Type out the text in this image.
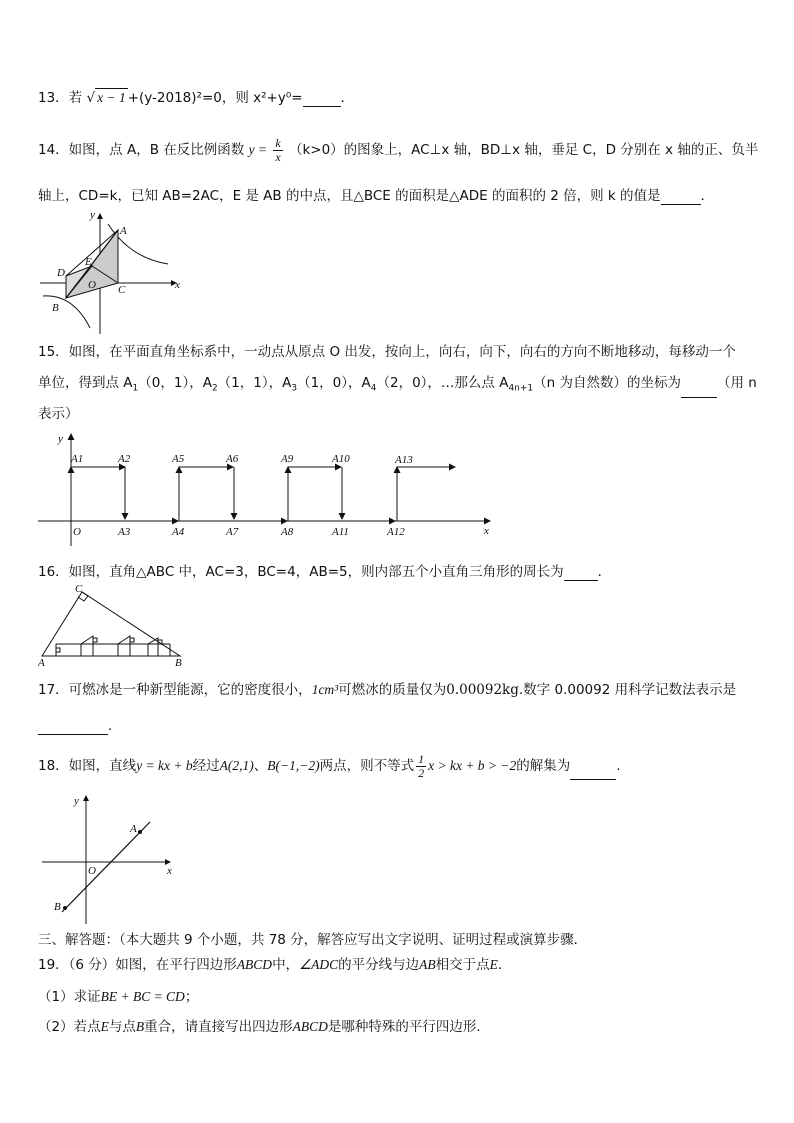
13．若 √ x − 1 +(y-2018)²=0，则 x²+y⁰=	．
14．如图，点 A，B 在反比例函数 $y = \frac{k}{x} (k>0)$的图象上，AC⊥x 轴，BD⊥x 轴，垂足 C，D 分别在 x 轴的正、负半
轴上，CD=k，已知 AB=2AC，E 是 AB 的中点，且△BCE 的面积是△ADE 的面积的 2 倍，则 k 的值是	．
y
A
E
D
O C
B
x
15．如图，在平面直角坐标系中，一动点从原点 O 出发，按向上，向右，向下，向右的方向不断地移动，每移动一个
单位，得到点 $A_1(0$，1），$A_2(1$，1），$A_3(1$，0），$A_4(2$，0），…那么点 $A_{4n+1}(n$ 为自然数）的坐标为	（用 n
表示）
y
x
A1	A2	A5	A6	A9	A10	A13
O	A3	A4	A7	A8	A11	A12
16．如图，直角△ABC 中，AC=3，BC=4，AB=5，则内部五个小直角三角形的周长为	．
C
A	B
17．可燃冰是一种新型能源，它的密度很小，1cm³可燃冰的质量仅为0.00092kg.数字 0.00092 用科学记数法表示是
．
18．如图，直线y = kx + b经过A(2,1)、B(−1,−2)两点，则不等式 $\frac{1}{2}$ x > kx + b > −2的解集为	.
y
A
O	x
B
三、解答题：（本大题共 9 个小题，共 78 分，解答应写出文字说明、证明过程或演算步骤．
19．（6 分）如图，在平行四边形ABCD中，∠ADC的平分线与边AB相交于点E．
（1）求证BE + BC = CD；
（2）若点E与点B重合，请直接写出四边形ABCD是哪种特殊的平行四边形．
